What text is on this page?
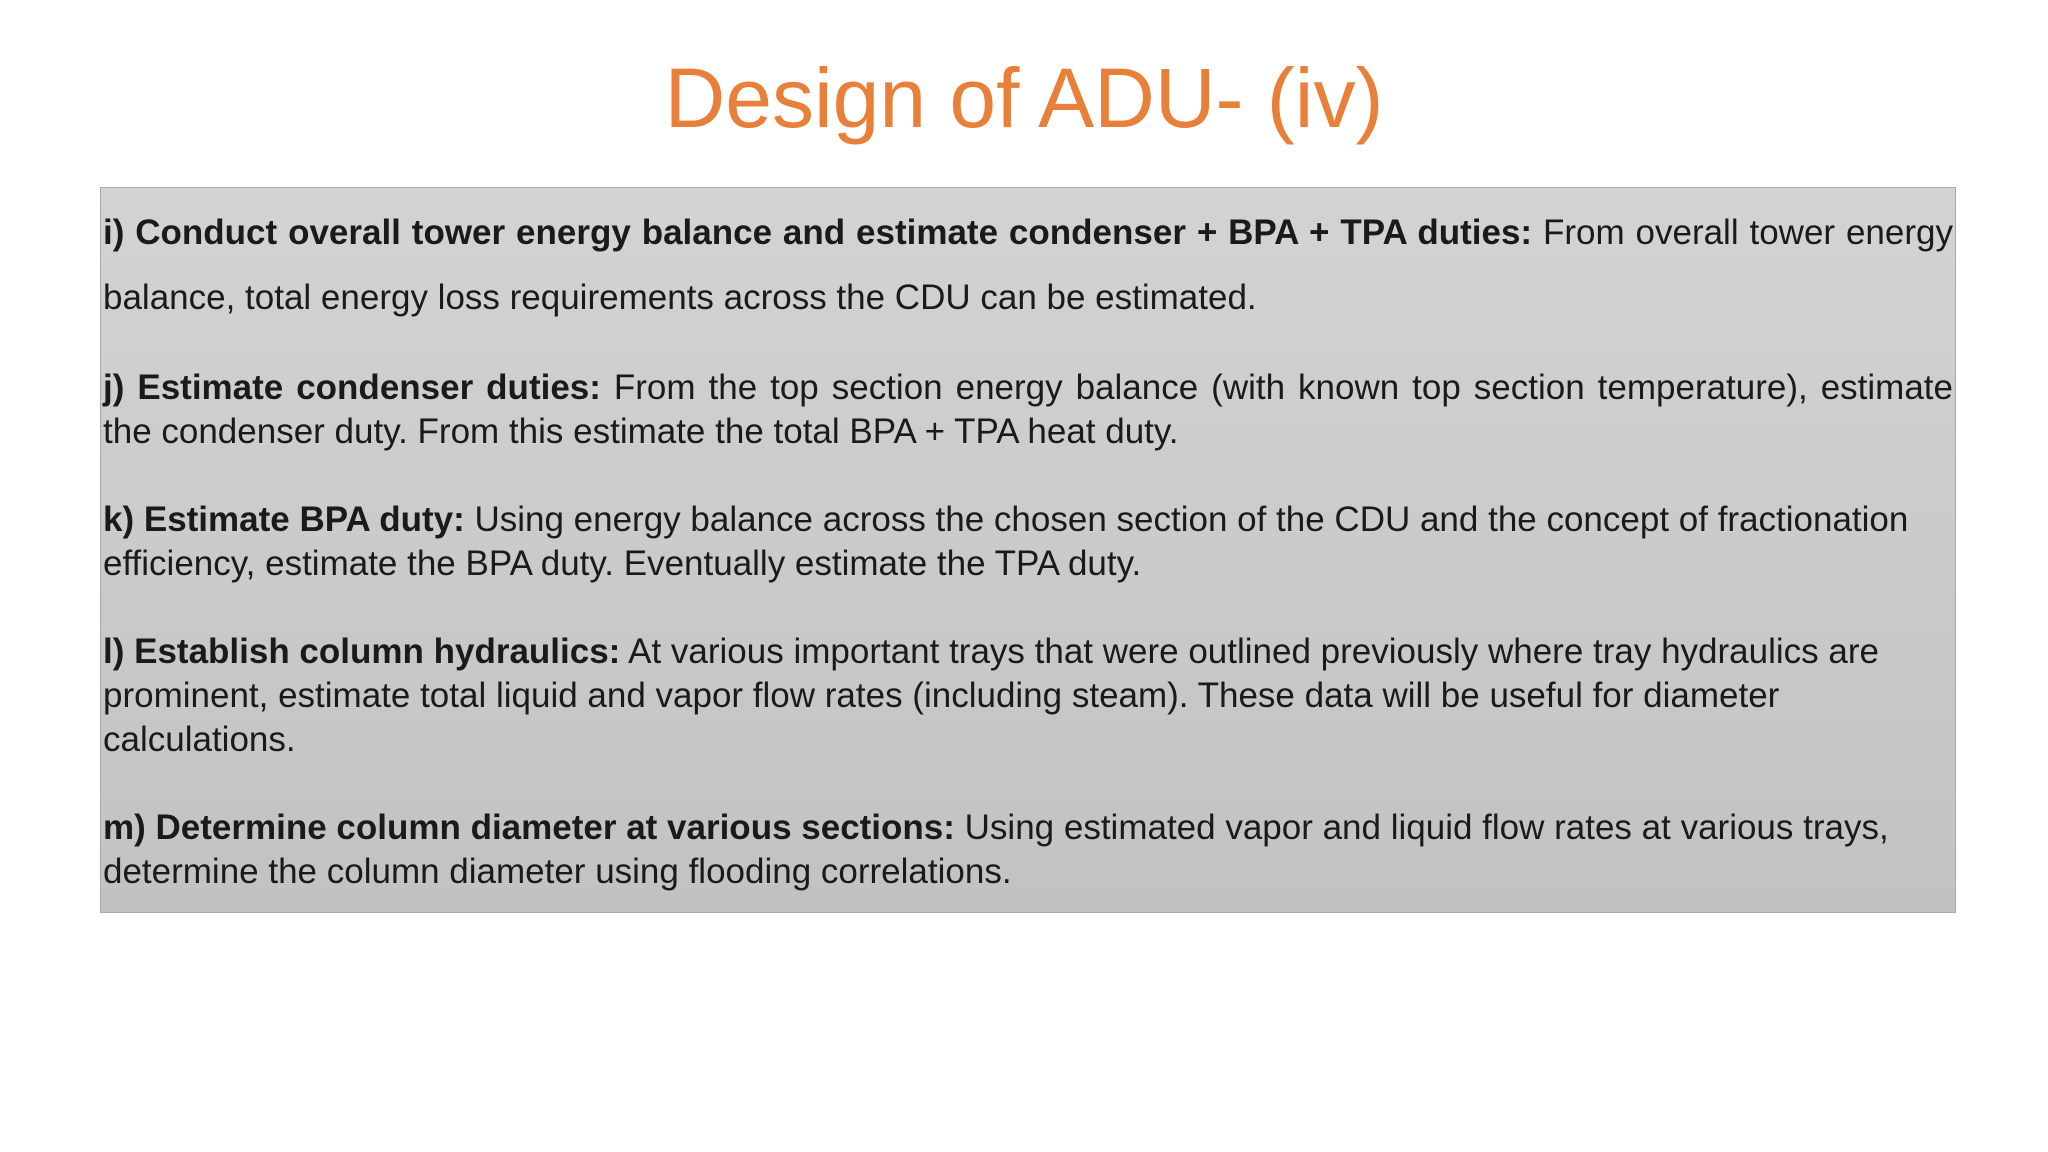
Design of ADU- (iv)

i) Conduct overall tower energy balance and estimate condenser + BPA + TPA duties: From overall tower energy balance, total energy loss requirements across the CDU can be estimated.

j) Estimate condenser duties: From the top section energy balance (with known top section temperature), estimate the condenser duty. From this estimate the total BPA + TPA heat duty.

k) Estimate BPA duty: Using energy balance across the chosen section of the CDU and the concept of fractionation efficiency, estimate the BPA duty. Eventually estimate the TPA duty.

l) Establish column hydraulics: At various important trays that were outlined previously where tray hydraulics are prominent, estimate total liquid and vapor flow rates (including steam). These data will be useful for diameter calculations.

m) Determine column diameter at various sections: Using estimated vapor and liquid flow rates at various trays, determine the column diameter using flooding correlations.
